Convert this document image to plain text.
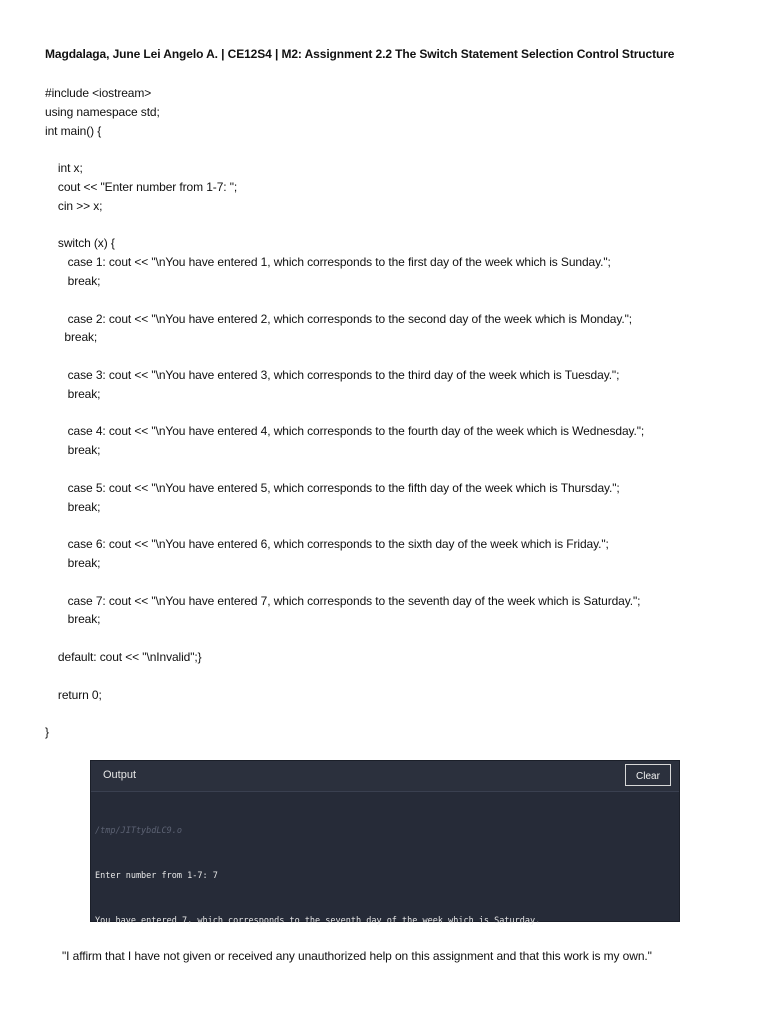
Magdalaga, June Lei Angelo A. | CE12S4 | M2: Assignment 2.2 The Switch Statement Selection Control Structure
#include <iostream>
using namespace std;
int main() {
int x;
cout << "Enter number from 1-7: ";
cin >> x;
switch (x) {
case 1: cout << "\nYou have entered 1, which corresponds to the first day of the week which is Sunday.";
break;
case 2: cout << "\nYou have entered 2, which corresponds to the second day of the week which is Monday.";
break;
case 3: cout << "\nYou have entered 3, which corresponds to the third day of the week which is Tuesday.";
break;
case 4: cout << "\nYou have entered 4, which corresponds to the fourth day of the week which is Wednesday.";
break;
case 5: cout << "\nYou have entered 5, which corresponds to the fifth day of the week which is Thursday.";
break;
case 6: cout << "\nYou have entered 6, which corresponds to the sixth day of the week which is Friday.";
break;
case 7: cout << "\nYou have entered 7, which corresponds to the seventh day of the week which is Saturday.";
break;
default: cout << "\nInvalid";}
return 0;
}
Output	Clear

/tmp/JITtybdLC9.o

Enter number from 1-7: 7

You have entered 7, which corresponds to the seventh day of the week which is Saturday.

"I affirm that I have not given or received any unauthorized help on this assignment and that this work is my own."
